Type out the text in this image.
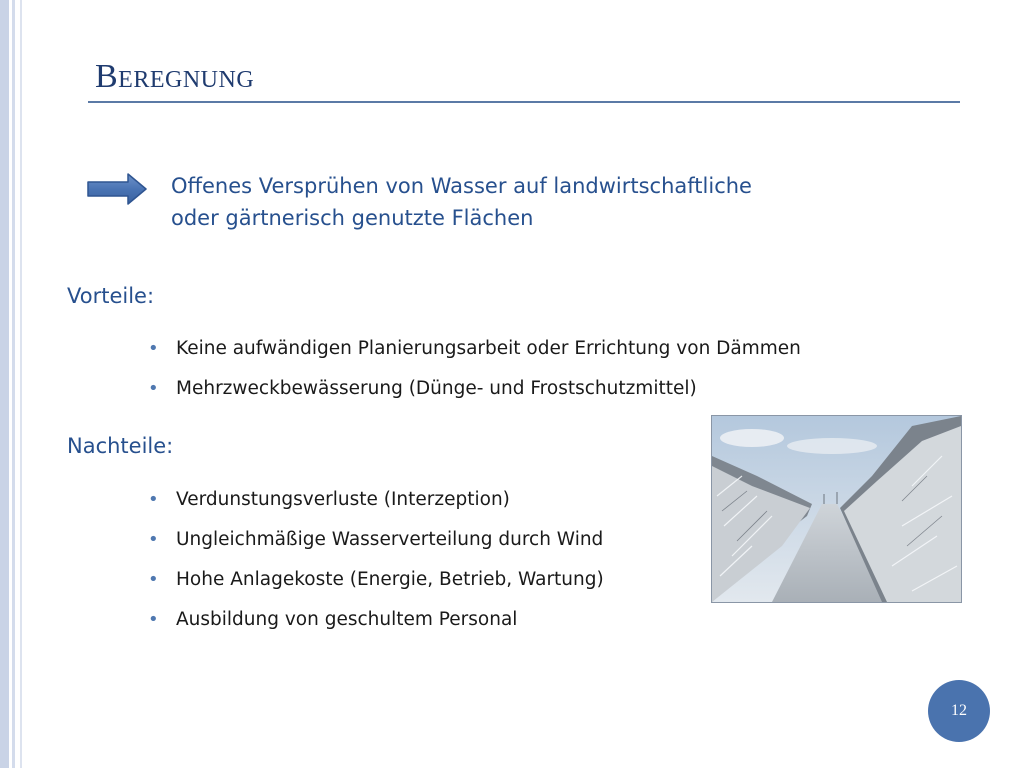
Beregnung
Offenes Versprühen von Wasser auf landwirtschaftliche
oder gärtnerisch genutzte Flächen
Vorteile:
• Keine aufwändigen Planierungsarbeit oder Errichtung von Dämmen
• Mehrzweckbewässerung (Dünge- und Frostschutzmittel)
Nachteile:
• Verdunstungsverluste (Interzeption)
• Ungleichmäßige Wasserverteilung durch Wind
• Hohe Anlagekoste (Energie, Betrieb, Wartung)
• Ausbildung von geschultem Personal
12
